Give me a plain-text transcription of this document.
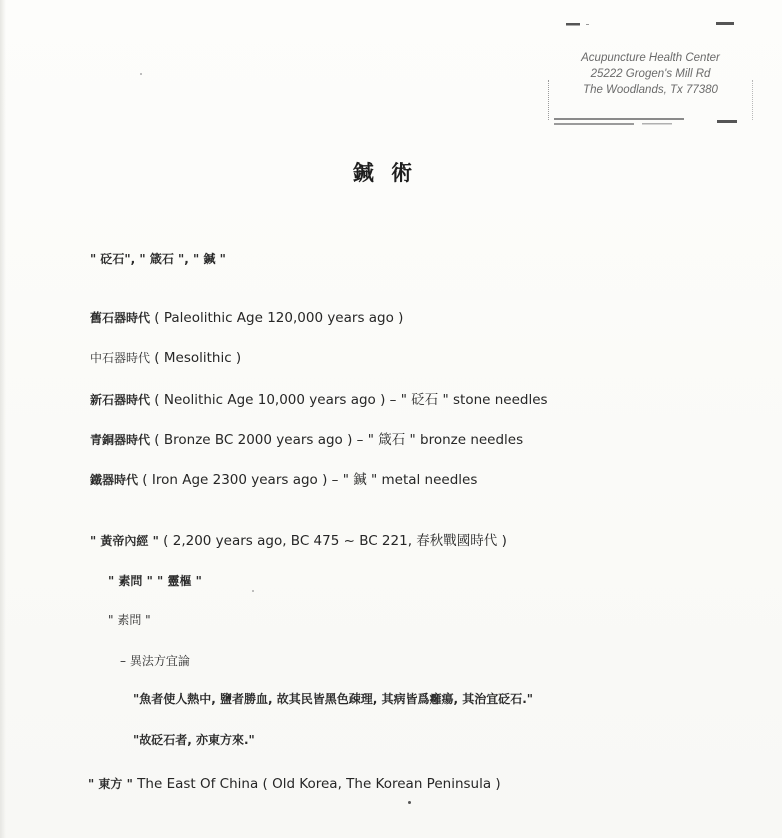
Acupuncture Health Center
25222 Grogen's Mill Rd
The Woodlands, Tx 77380
鍼 術
" 砭石", " 箴石 ", " 鍼 "
舊石器時代 ( Paleolithic Age 120,000 years ago )
中石器時代 ( Mesolithic )
新石器時代 ( Neolithic Age 10,000 years ago ) – " 砭石 " stone needles
青銅器時代 ( Bronze BC 2000 years ago ) – " 箴石 " bronze needles
鐵器時代 ( Iron Age 2300 years ago ) – " 鍼 " metal needles
" 黃帝內經 " ( 2,200 years ago, BC 475 ~ BC 221, 春秋戰國時代 )
" 素問 " " 靈樞 "
" 素問 "
– 異法方宜論
"魚者使人熱中, 鹽者勝血, 故其民皆黑色疎理, 其病皆爲癰瘍, 其治宜砭石."
"故砭石者, 亦東方來."
" 東方 " The East Of China ( Old Korea, The Korean Peninsula )
